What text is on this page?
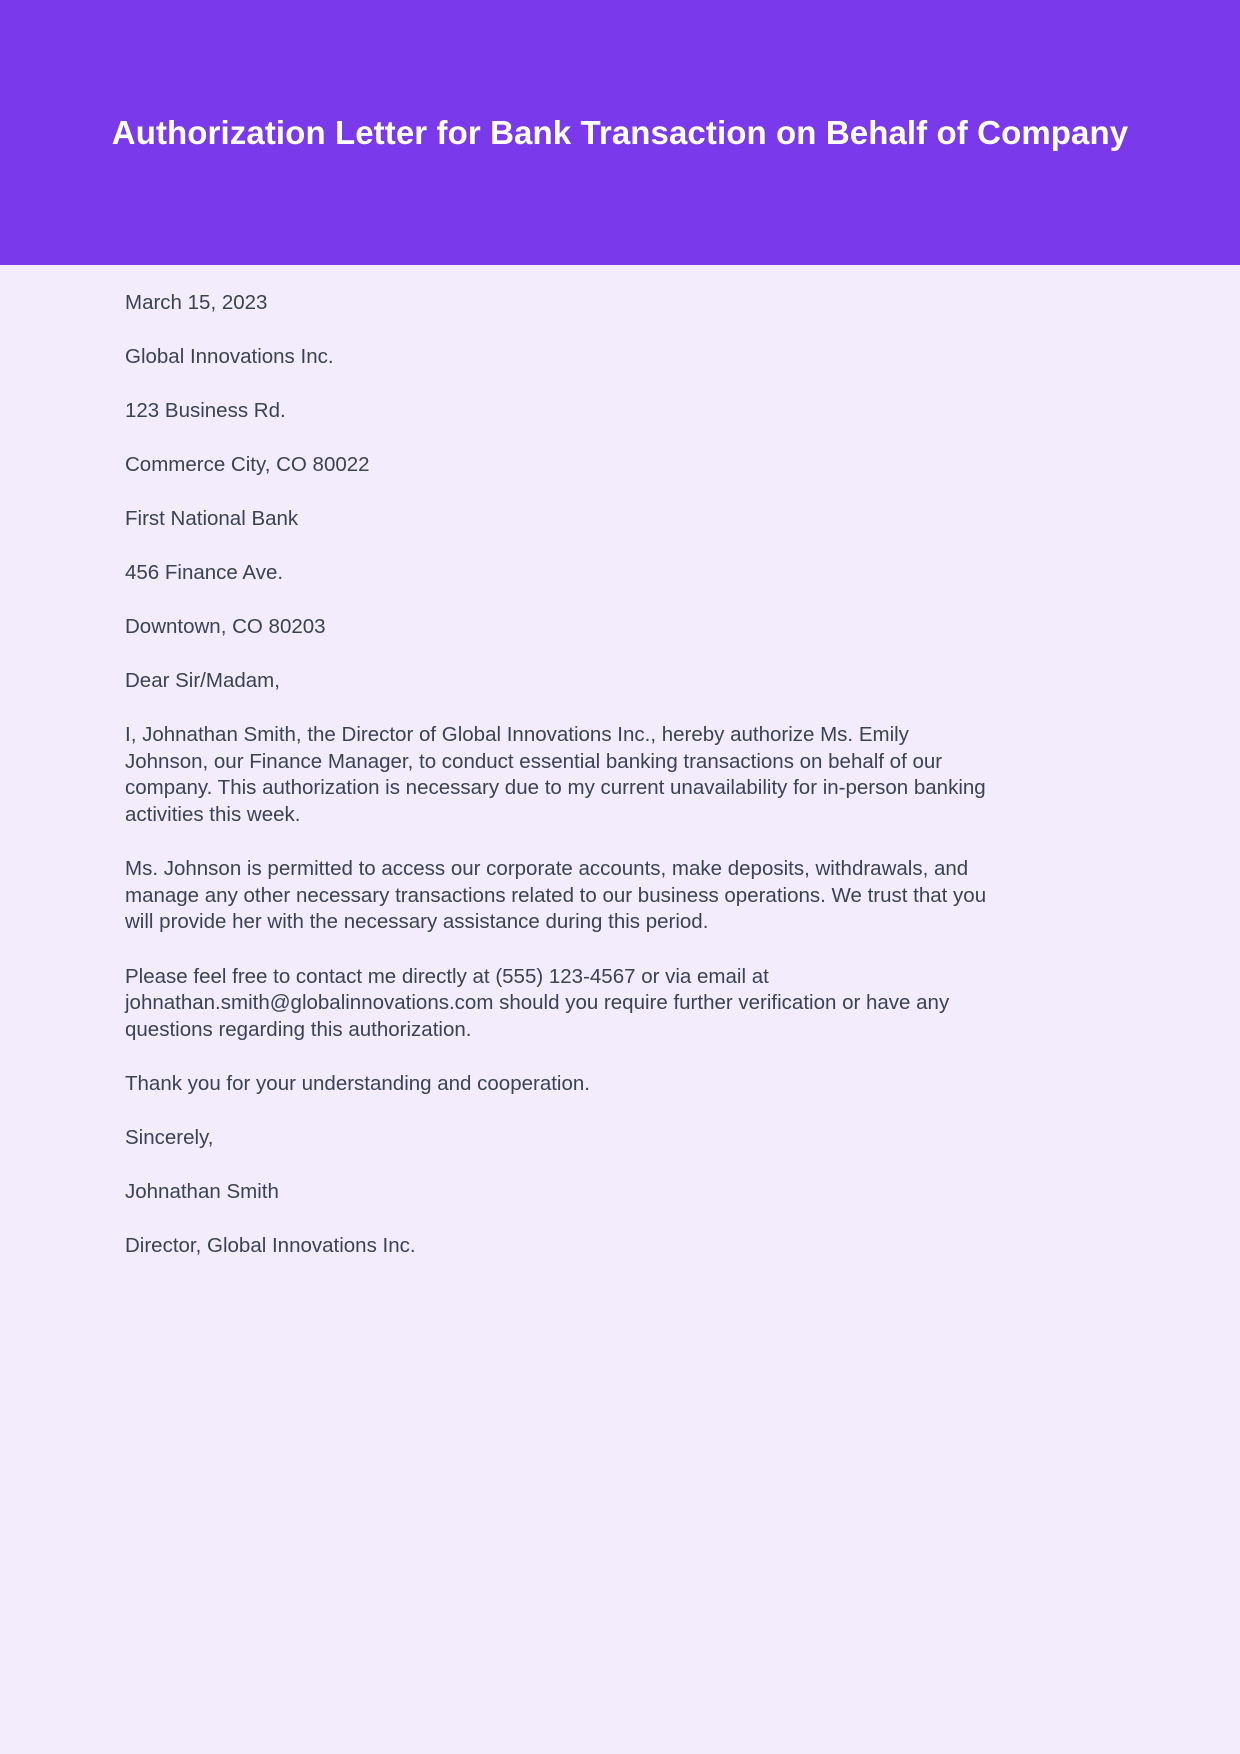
Authorization Letter for Bank Transaction on Behalf of Company

March 15, 2023

Global Innovations Inc.

123 Business Rd.

Commerce City, CO 80022

First National Bank

456 Finance Ave.

Downtown, CO 80203

Dear Sir/Madam,

I, Johnathan Smith, the Director of Global Innovations Inc., hereby authorize Ms. Emily Johnson, our Finance Manager, to conduct essential banking transactions on behalf of our company. This authorization is necessary due to my current unavailability for in-person banking activities this week.

Ms. Johnson is permitted to access our corporate accounts, make deposits, withdrawals, and manage any other necessary transactions related to our business operations. We trust that you will provide her with the necessary assistance during this period.

Please feel free to contact me directly at (555) 123-4567 or via email at johnathan.smith@globalinnovations.com should you require further verification or have any questions regarding this authorization.

Thank you for your understanding and cooperation.

Sincerely,

Johnathan Smith

Director, Global Innovations Inc.
